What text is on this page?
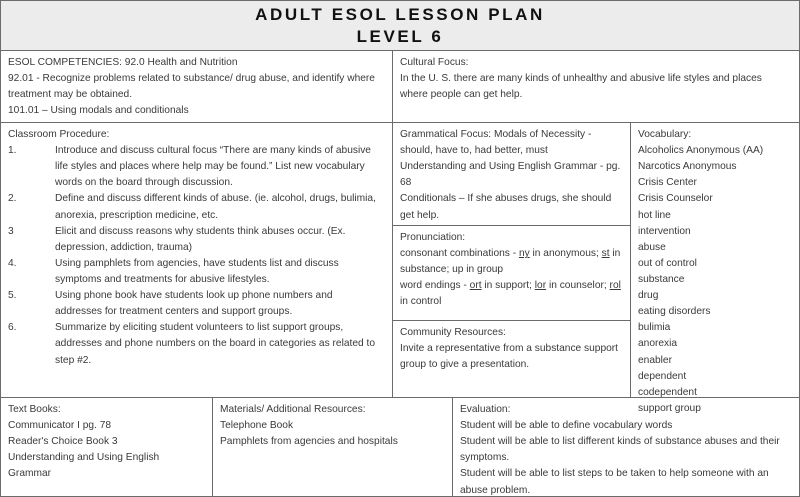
ADULT ESOL LESSON PLAN
LEVEL 6
ESOL COMPETENCIES: 92.0 Health and Nutrition
92.01 - Recognize problems related to substance/ drug abuse, and identify where treatment may be obtained.
101.01 – Using modals and conditionals
Cultural Focus:
In the U. S. there are many kinds of unhealthy and abusive life styles and places where people can get help.
Classroom Procedure:
1.	Introduce and discuss cultural focus “There are many kinds of abusive life styles and places where help may be found.” List new vocabulary words on the board through discussion.
2.	Define and discuss different kinds of abuse. (ie. alcohol, drugs, bulimia, anorexia, prescription medicine, etc.
3	Elicit and discuss reasons why students think abuses occur. (Ex. depression, addiction, trauma)
4.	Using pamphlets from agencies, have students list and discuss symptoms and treatments for abusive lifestyles.
5.	Using phone book have students look up phone numbers and addresses for treatment centers and support groups.
6.	Summarize by eliciting student volunteers to list support groups, addresses and phone numbers on the board in categories as related to step #2.
Grammatical Focus: Modals of Necessity - should, have to, had better, must
Understanding and Using English Grammar - pg. 68
Conditionals – If she abuses drugs, she should get help.
Pronunciation:
consonant combinations - ny in anonymous; st in substance; up in group
word endings - ort in support; lor in counselor; rol in control
Community Resources:
Invite a representative from a substance support group to give a presentation.
Vocabulary:
Alcoholics Anonymous (AA)
Narcotics Anonymous
Crisis Center
Crisis Counselor
hot line
intervention
abuse
out of control
substance
drug
eating disorders
bulimia
anorexia
enabler
dependent
codependent
support group
Text Books:
Communicator I pg. 78
Reader's Choice Book 3
Understanding and Using English Grammar
Materials/ Additional Resources:
Telephone Book
Pamphlets from agencies and hospitals
Evaluation:
Student will be able to define vocabulary words
Student will be able to list different kinds of substance abuses and their symptoms.
Student will be able to list steps to be taken to help someone with an abuse problem.
